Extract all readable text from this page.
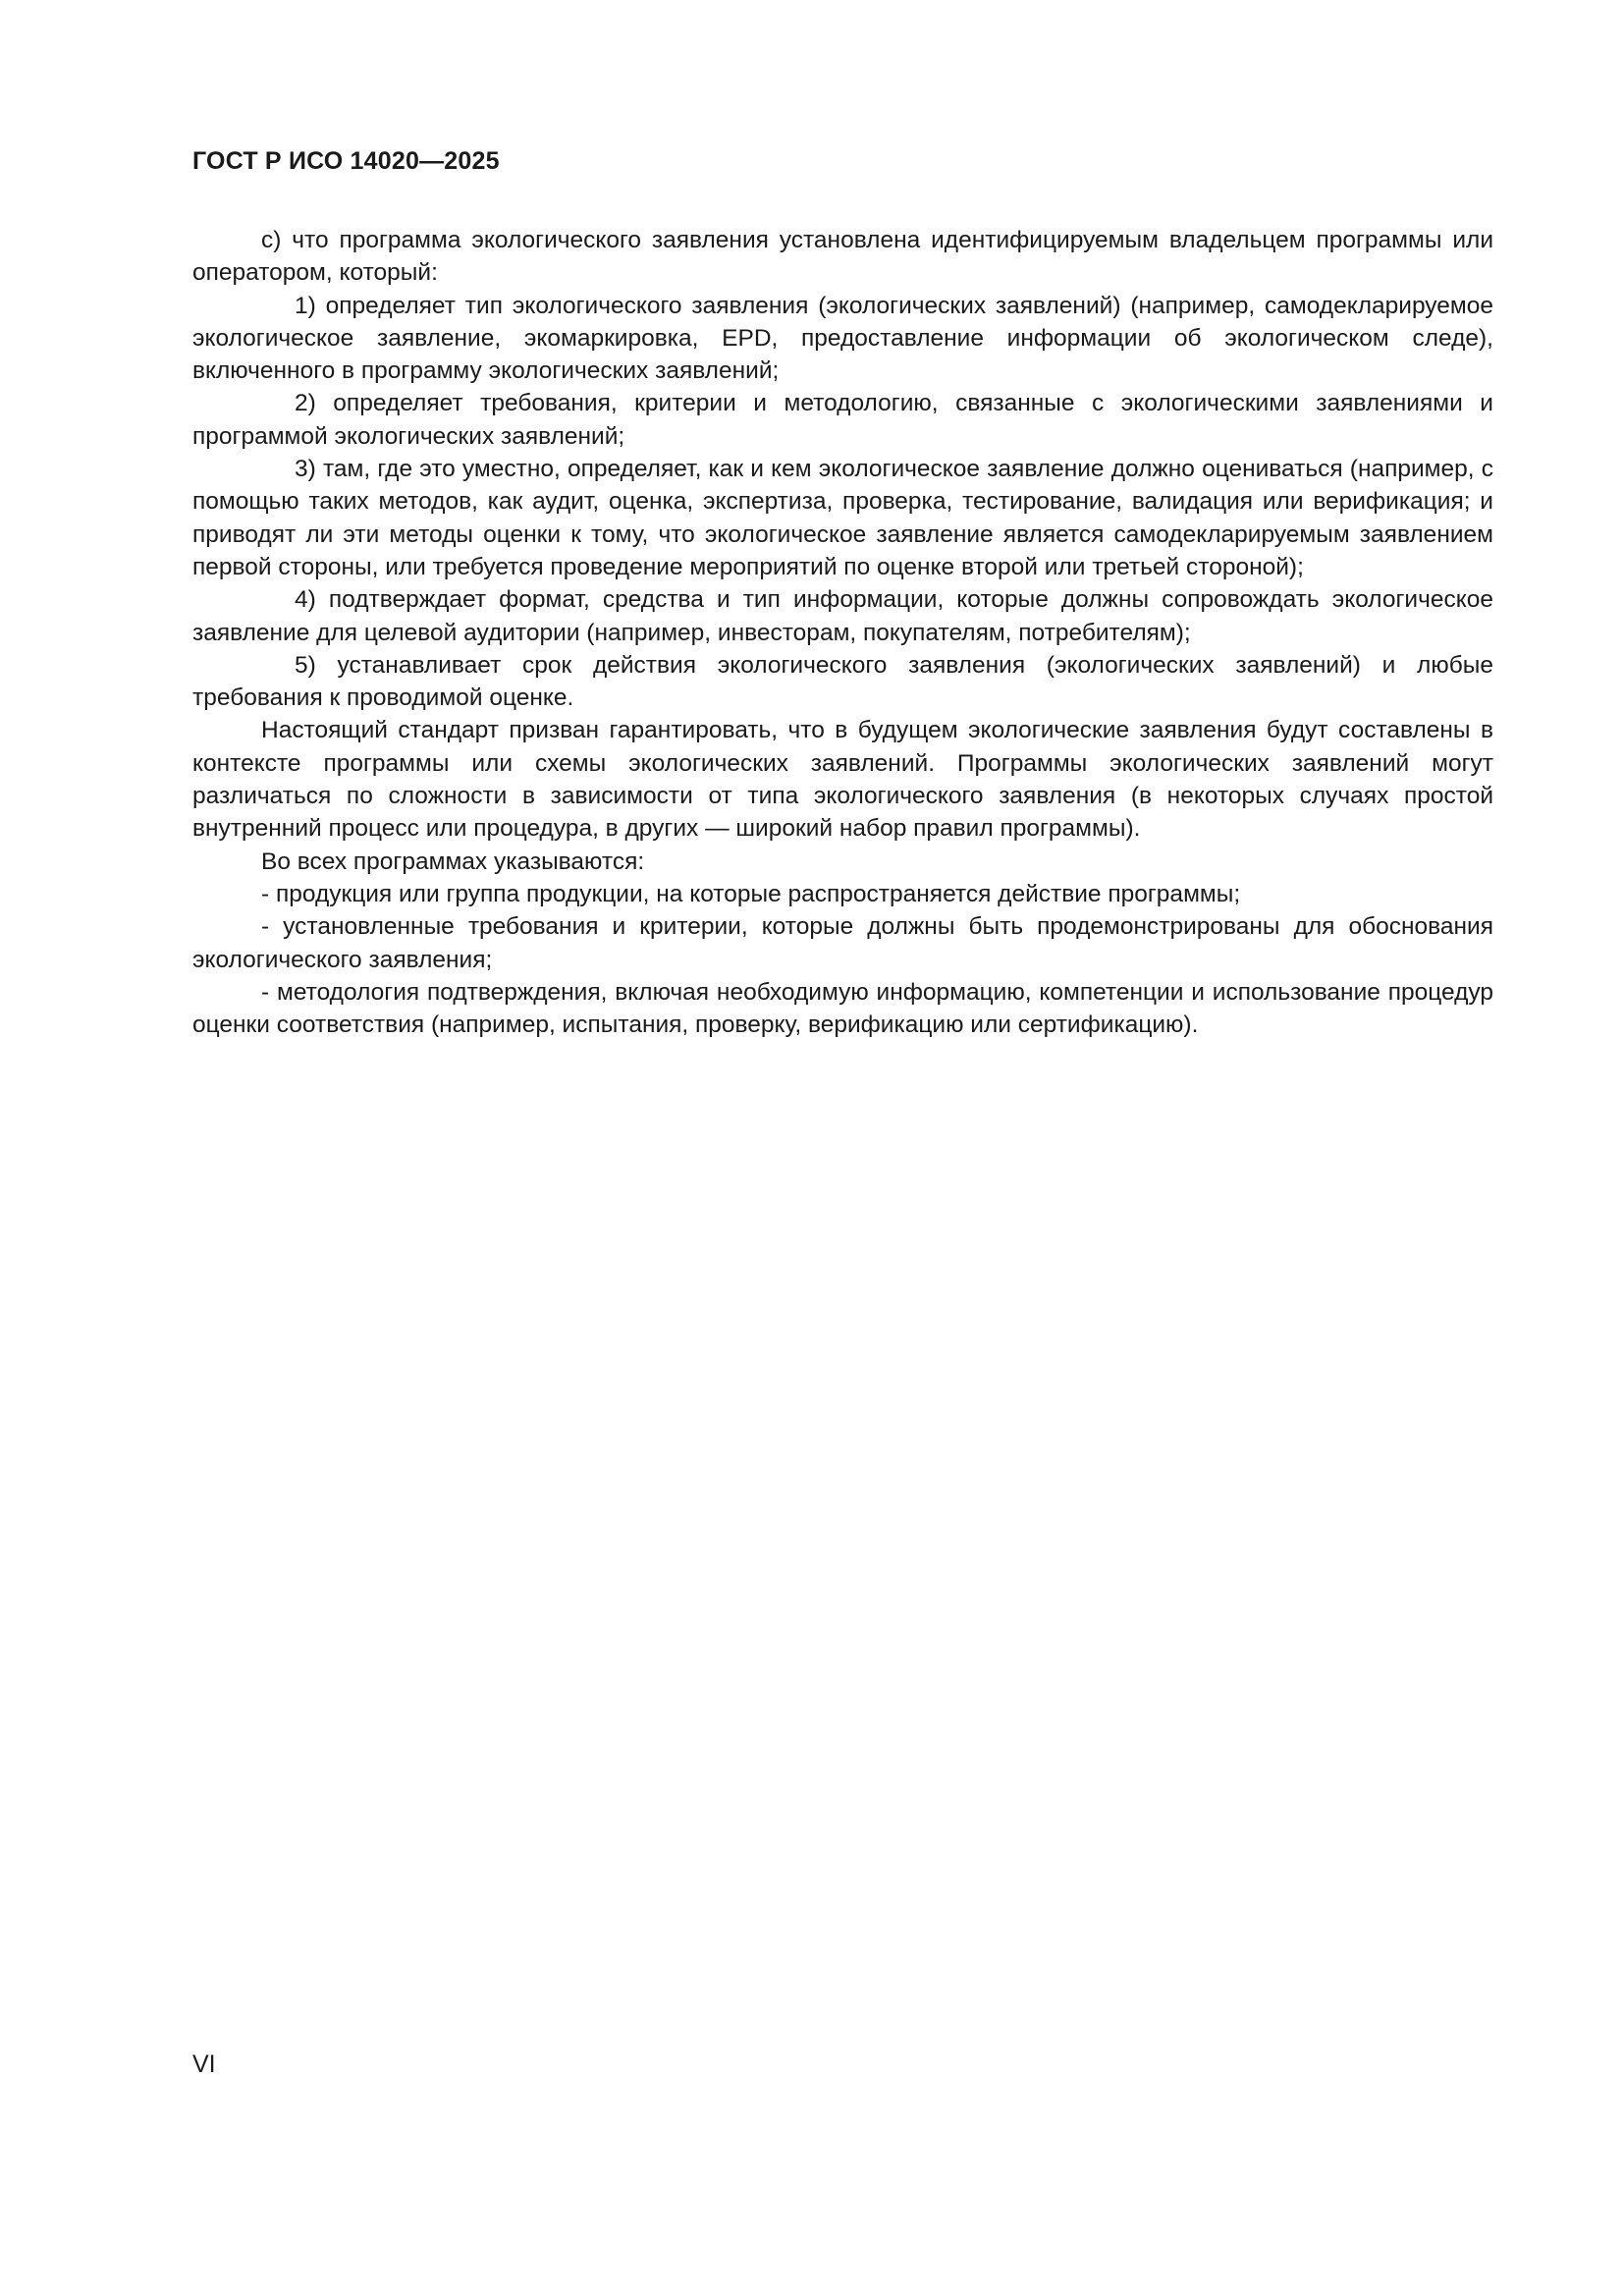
ГОСТ Р ИСО 14020—2025

c) что программа экологического заявления установлена идентифицируемым владельцем программы или оператором, который:

1) определяет тип экологического заявления (экологических заявлений) (например, самодекларируемое экологическое заявление, экомаркировка, EPD, предоставление информации об экологическом следе), включенного в программу экологических заявлений;

2) определяет требования, критерии и методологию, связанные с экологическими заявлениями и программой экологических заявлений;

3) там, где это уместно, определяет, как и кем экологическое заявление должно оцениваться (например, с помощью таких методов, как аудит, оценка, экспертиза, проверка, тестирование, валидация или верификация; и приводят ли эти методы оценки к тому, что экологическое заявление является самодекларируемым заявлением первой стороны, или требуется проведение мероприятий по оценке второй или третьей стороной);

4) подтверждает формат, средства и тип информации, которые должны сопровождать экологическое заявление для целевой аудитории (например, инвесторам, покупателям, потребителям);

5) устанавливает срок действия экологического заявления (экологических заявлений) и любые требования к проводимой оценке.

Настоящий стандарт призван гарантировать, что в будущем экологические заявления будут составлены в контексте программы или схемы экологических заявлений. Программы экологических заявлений могут различаться по сложности в зависимости от типа экологического заявления (в некоторых случаях простой внутренний процесс или процедура, в других — широкий набор правил программы).

Во всех программах указываются:

- продукция или группа продукции, на которые распространяется действие программы;

- установленные требования и критерии, которые должны быть продемонстрированы для обоснования экологического заявления;

- методология подтверждения, включая необходимую информацию, компетенции и использование процедур оценки соответствия (например, испытания, проверку, верификацию или сертификацию).

VI
